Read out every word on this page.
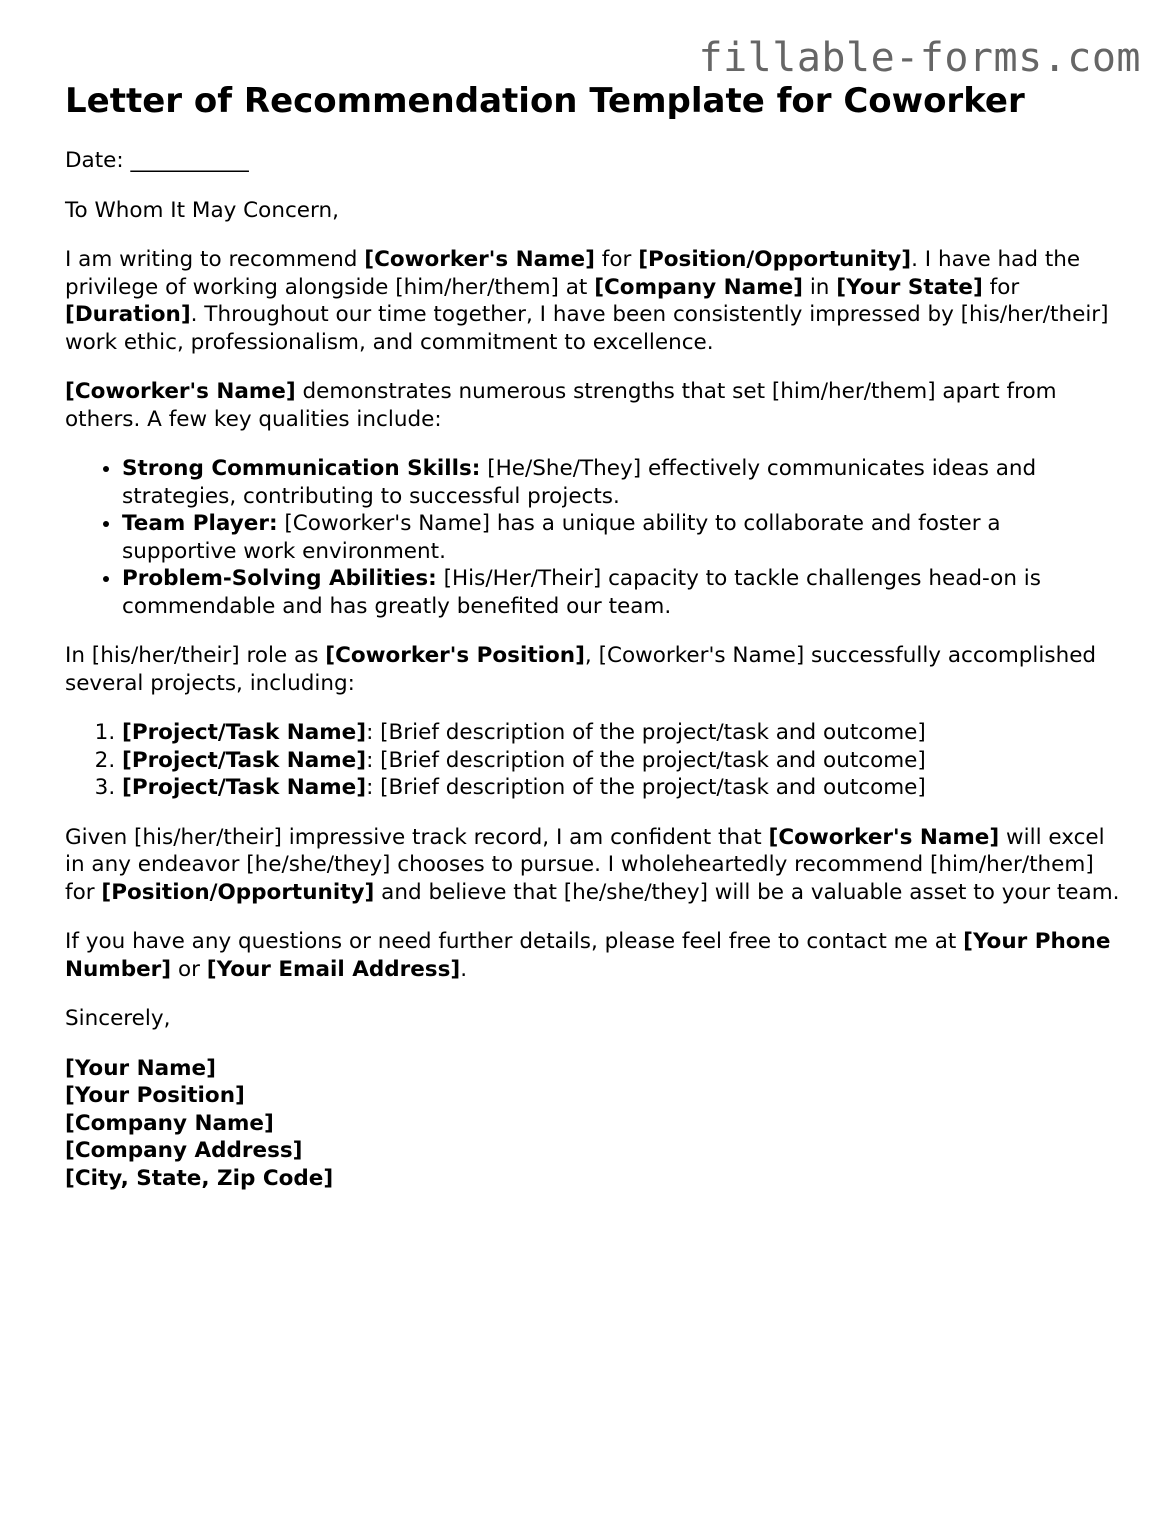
fillable-forms.com
Letter of Recommendation Template for Coworker

Date: ___________

To Whom It May Concern,

I am writing to recommend [Coworker's Name] for [Position/Opportunity]. I have had the privilege of working alongside [him/her/them] at [Company Name] in [Your State] for [Duration]. Throughout our time together, I have been consistently impressed by [his/her/their] work ethic, professionalism, and commitment to excellence.

[Coworker's Name] demonstrates numerous strengths that set [him/her/them] apart from others. A few key qualities include:

• Strong Communication Skills: [He/She/They] effectively communicates ideas and strategies, contributing to successful projects.
• Team Player: [Coworker's Name] has a unique ability to collaborate and foster a supportive work environment.
• Problem-Solving Abilities: [His/Her/Their] capacity to tackle challenges head-on is commendable and has greatly benefited our team.

In [his/her/their] role as [Coworker's Position], [Coworker's Name] successfully accomplished several projects, including:

1. [Project/Task Name]: [Brief description of the project/task and outcome]
2. [Project/Task Name]: [Brief description of the project/task and outcome]
3. [Project/Task Name]: [Brief description of the project/task and outcome]

Given [his/her/their] impressive track record, I am confident that [Coworker's Name] will excel in any endeavor [he/she/they] chooses to pursue. I wholeheartedly recommend [him/her/them] for [Position/Opportunity] and believe that [he/she/they] will be a valuable asset to your team.

If you have any questions or need further details, please feel free to contact me at [Your Phone Number] or [Your Email Address].

Sincerely,

[Your Name]
[Your Position]
[Company Name]
[Company Address]
[City, State, Zip Code]
